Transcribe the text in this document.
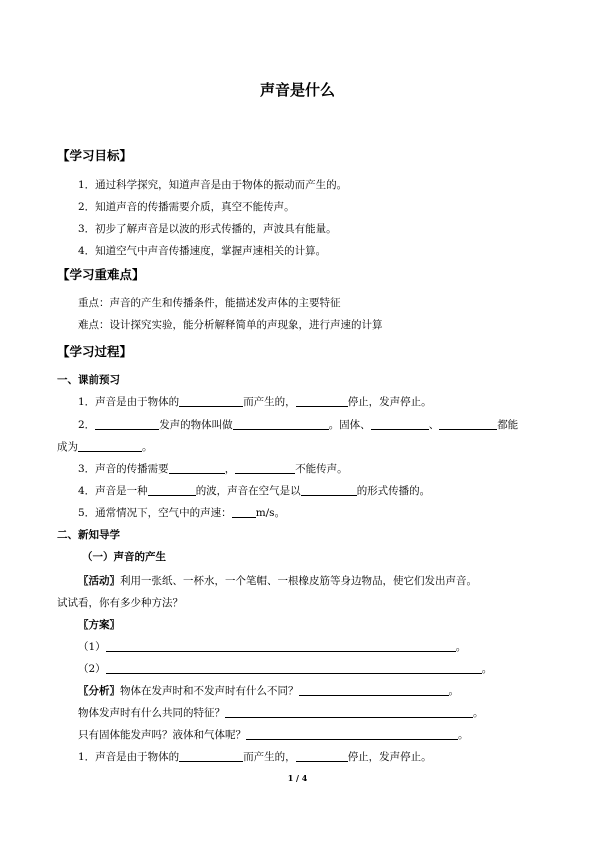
声音是什么
【学习目标】
1．通过科学探究，知道声音是由于物体的振动而产生的。
2．知道声音的传播需要介质，真空不能传声。
3．初步了解声音是以波的形式传播的，声波具有能量。
4．知道空气中声音传播速度，掌握声速相关的计算。
【学习重难点】
重点：声音的产生和传播条件，能描述发声体的主要特征
难点：设计探究实验，能分析解释简单的声现象，进行声速的计算
【学习过程】
一、课前预习
1．声音是由于物体的	而产生的，	停止，发声停止。
2．	发声的物体叫做	。固体、	、	都能
成为	。
3．声音的传播需要	，	不能传声。
4．声音是一种	的波，声音在空气是以	的形式传播的。
5．通常情况下，空气中的声速： m/s。
二、新知导学
（一）声音的产生
〖活动〗利用一张纸、一杯水，一个笔帽、一根橡皮筋等身边物品，使它们发出声音。
试试看，你有多少种方法？
〖方案〗
（1）	。
（2）	。
〖分析〗物体在发声时和不发声时有什么不同？	。
物体发声时有什么共同的特征？	。
只有固体能发声吗？液体和气体呢？	。
1．声音是由于物体的	而产生的，	停止，发声停止。
1 / 4
